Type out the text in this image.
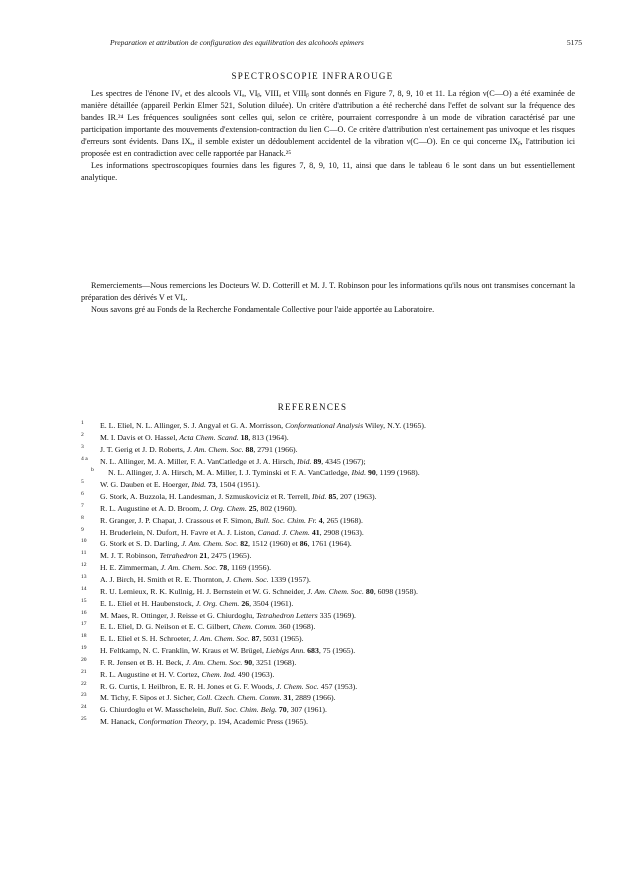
Preparation et attribution de configuration des equilibration des alcohools epimers	5175
SPECTROSCOPIE INFRAROUGE

Les spectres de l'énone IVₐ et des alcools VIₐ, VIᵦ, VIIIₐ et VIIIᵦ sont donnés en Figure 7, 8, 9, 10 et 11. La région ν(C—O) a été examinée de manière détaillée (appareil Perkin Elmer 521, Solution diluée). Un critère d'attribution a été recherché dans l'effet de solvant sur la fréquence des bandes IR.²⁴ Les fréquences soulignées sont celles qui, selon ce critère, pourraient correspondre à un mode de vibration caractérisé par une participation importante des mouvements d'extension-contraction du lien C—O. Ce critère d'attribution n'est certainement pas univoque et les risques d'erreurs sont évidents. Dans IXₐ, il semble exister un dédoublement accidentel de la vibration ν(C—O). En ce qui concerne IXᵦ, l'attribution ici proposée est en contradiction avec celle rapportée par Hanack.²⁵

Les informations spectroscopiques fournies dans les figures 7, 8, 9, 10, 11, ainsi que dans le tableau 6 le sont dans un but essentiellement analytique.

Remerciements—Nous remercions les Docteurs W. D. Cotterill et M. J. T. Robinson pour les informations qu'ils nous ont transmises concernant la préparation des dérivés V et VIₐ.

Nous savons gré au Fonds de la Recherche Fondamentale Collective pour l'aide apportée au Laboratoire.

REFERENCES
1 E. L. Eliel, N. L. Allinger, S. J. Angyal et G. A. Morrisson, Conformational Analysis Wiley, N.Y. (1965).
2 M. I. Davis et O. Hassel, Acta Chem. Scand. 18, 813 (1964).
3 J. T. Gerig et J. D. Roberts, J. Am. Chem. Soc. 88, 2791 (1966).
4 a N. L. Allinger, M. A. Miller, F. A. VanCatledge et J. A. Hirsch, Ibid. 89, 4345 (1967);
b N. L. Allinger, J. A. Hirsch, M. A. Miller, I. J. Tyminski et F. A. VanCatledge, Ibid. 90, 1199 (1968).
5 W. G. Dauben et E. Hoerger, Ibid. 73, 1504 (1951).
6 G. Stork, A. Buzzola, H. Landesman, J. Szmuskoviciz et R. Terrell, Ibid. 85, 207 (1963).
7 R. L. Augustine et A. D. Broom, J. Org. Chem. 25, 802 (1960).
8 R. Granger, J. P. Chapat, J. Crassous et F. Simon, Bull. Soc. Chim. Fr. 4, 265 (1968).
9 H. Bruderlein, N. Dufort, H. Favre et A. J. Liston, Canad. J. Chem. 41, 2908 (1963).
10 G. Stork et S. D. Darling, J. Am. Chem. Soc. 82, 1512 (1960) et 86, 1761 (1964).
11 M. J. T. Robinson, Tetrahedron 21, 2475 (1965).
12 H. E. Zimmerman, J. Am. Chem. Soc. 78, 1169 (1956).
13 A. J. Birch, H. Smith et R. E. Thornton, J. Chem. Soc. 1339 (1957).
14 R. U. Lemieux, R. K. Kullnig, H. J. Bernstein et W. G. Schneider, J. Am. Chem. Soc. 80, 6098 (1958).
15 E. L. Eliel et H. Haubenstock, J. Org. Chem. 26, 3504 (1961).
16 M. Maes, R. Ottinger, J. Reisse et G. Chiurdoglu, Tetrahedron Letters 335 (1969).
17 E. L. Eliel, D. G. Neilson et E. C. Gilbert, Chem. Comm. 360 (1968).
18 E. L. Eliel et S. H. Schroeter, J. Am. Chem. Soc. 87, 5031 (1965).
19 H. Feltkamp, N. C. Franklin, W. Kraus et W. Brügel, Liebigs Ann. 683, 75 (1965).
20 F. R. Jensen et B. H. Beck, J. Am. Chem. Soc. 90, 3251 (1968).
21 R. L. Augustine et H. V. Cortez, Chem. Ind. 490 (1963).
22 R. G. Curtis, I. Heilbron, E. R. H. Jones et G. F. Woods, J. Chem. Soc. 457 (1953).
23 M. Tichy, F. Sipos et J. Sicher, Coll. Czech. Chem. Comm. 31, 2889 (1966).
24 G. Chiurdoglu et W. Masschelein, Bull. Soc. Chim. Belg. 70, 307 (1961).
25 M. Hanack, Conformation Theory, p. 194, Academic Press (1965).
